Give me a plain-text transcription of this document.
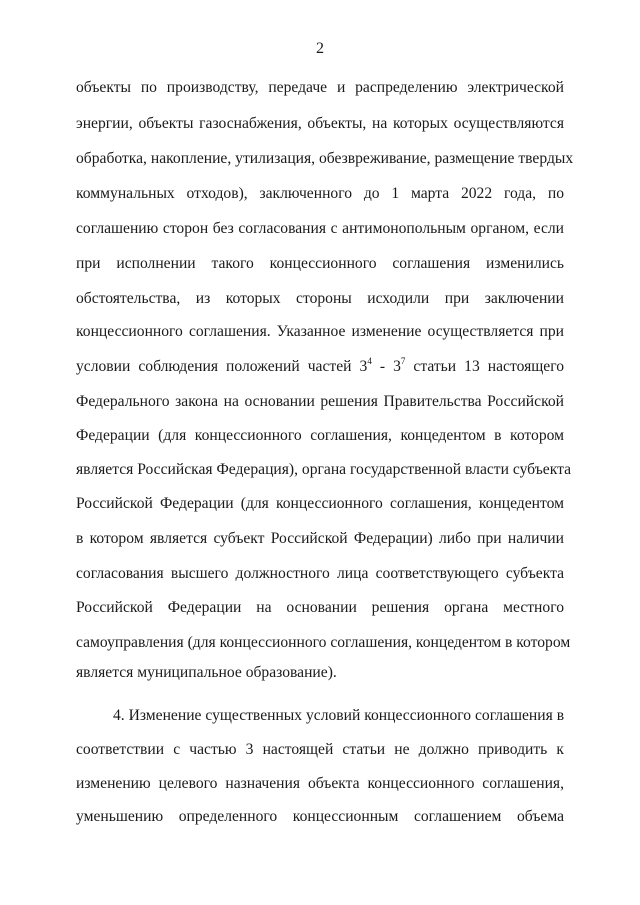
2
объекты по производству, передаче и распределению электрической
энергии, объекты газоснабжения, объекты, на которых осуществляются
обработка, накопление, утилизация, обезвреживание, размещение твердых
коммунальных отходов), заключенного до 1 марта 2022 года, по
соглашению сторон без согласования с антимонопольным органом, если
при исполнении такого концессионного соглашения изменились
обстоятельства, из которых стороны исходили при заключении
концессионного соглашения. Указанное изменение осуществляется при
условии соблюдения положений частей $3^4 - 3^7$ статьи 13 настоящего
Федерального закона на основании решения Правительства Российской
Федерации (для концессионного соглашения, концедентом в котором
является Российская Федерация), органа государственной власти субъекта
Российской Федерации (для концессионного соглашения, концедентом
в котором является субъект Российской Федерации) либо при наличии
согласования высшего должностного лица соответствующего субъекта
Российской Федерации на основании решения органа местного
самоуправления (для концессионного соглашения, концедентом в котором
является муниципальное образование).
4. Изменение существенных условий концессионного соглашения в
соответствии с частью 3 настоящей статьи не должно приводить к
изменению целевого назначения объекта концессионного соглашения,
уменьшению определенного концессионным соглашением объема
